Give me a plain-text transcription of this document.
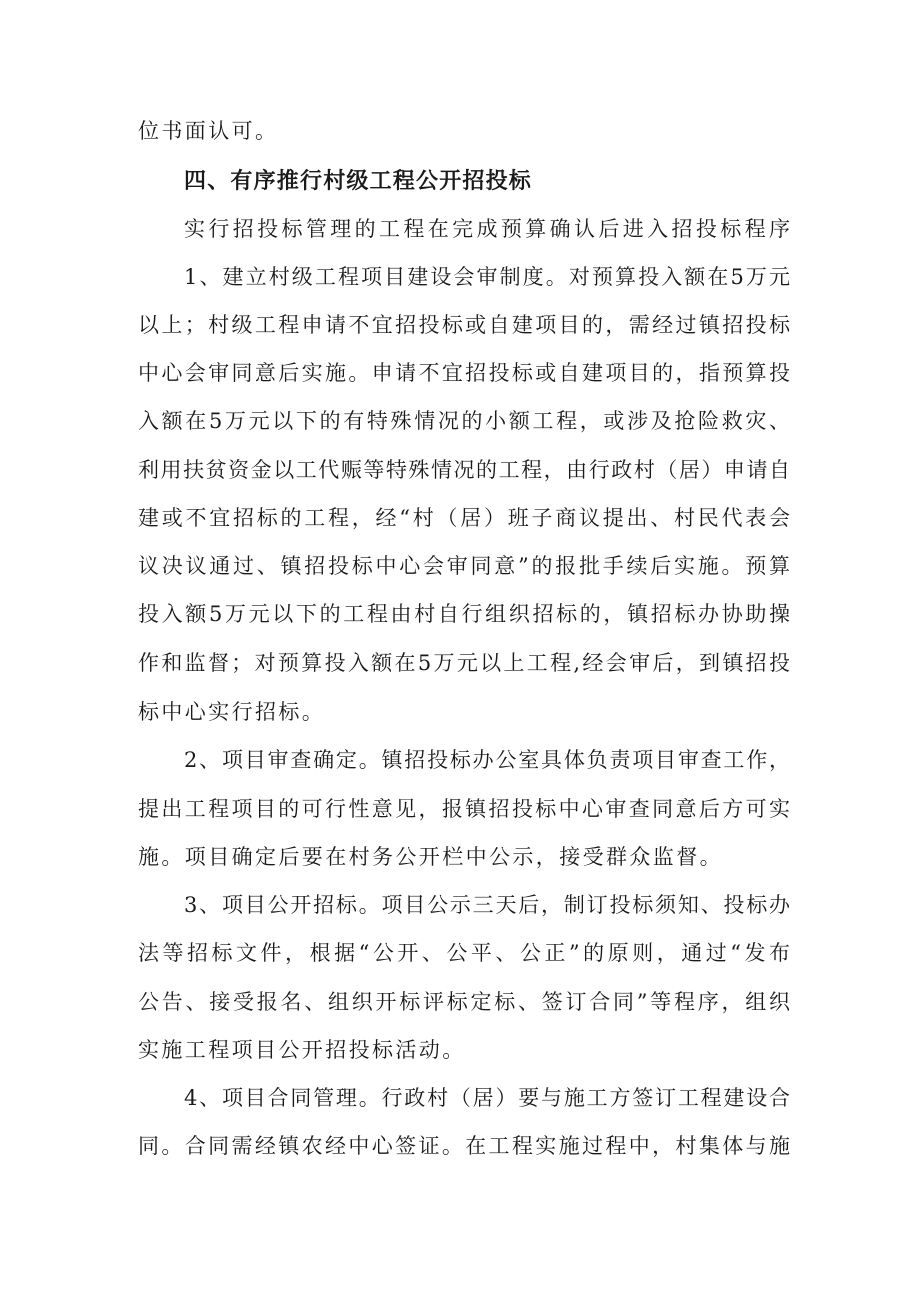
位书面认可。
四、有序推行村级工程公开招投标
实行招投标管理的工程在完成预算确认后进入招投标程序
1、建立村级工程项目建设会审制度。对预算投入额在5万元
以上；村级工程申请不宜招投标或自建项目的，需经过镇招投标
中心会审同意后实施。申请不宜招投标或自建项目的，指预算投
入额在5万元以下的有特殊情况的小额工程，或涉及抢险救灾、
利用扶贫资金以工代赈等特殊情况的工程，由行政村（居）申请自
建或不宜招标的工程，经“村（居）班子商议提出、村民代表会
议决议通过、镇招投标中心会审同意”的报批手续后实施。预算
投入额5万元以下的工程由村自行组织招标的，镇招标办协助操
作和监督；对预算投入额在5万元以上工程,经会审后，到镇招投
标中心实行招标。
2、项目审查确定。镇招投标办公室具体负责项目审查工作，
提出工程项目的可行性意见，报镇招投标中心审查同意后方可实
施。项目确定后要在村务公开栏中公示，接受群众监督。
3、项目公开招标。项目公示三天后，制订投标须知、投标办
法等招标文件，根据“公开、公平、公正”的原则，通过“发布
公告、接受报名、组织开标评标定标、签订合同”等程序，组织
实施工程项目公开招投标活动。
4、项目合同管理。行政村（居）要与施工方签订工程建设合
同。合同需经镇农经中心签证。在工程实施过程中，村集体与施
